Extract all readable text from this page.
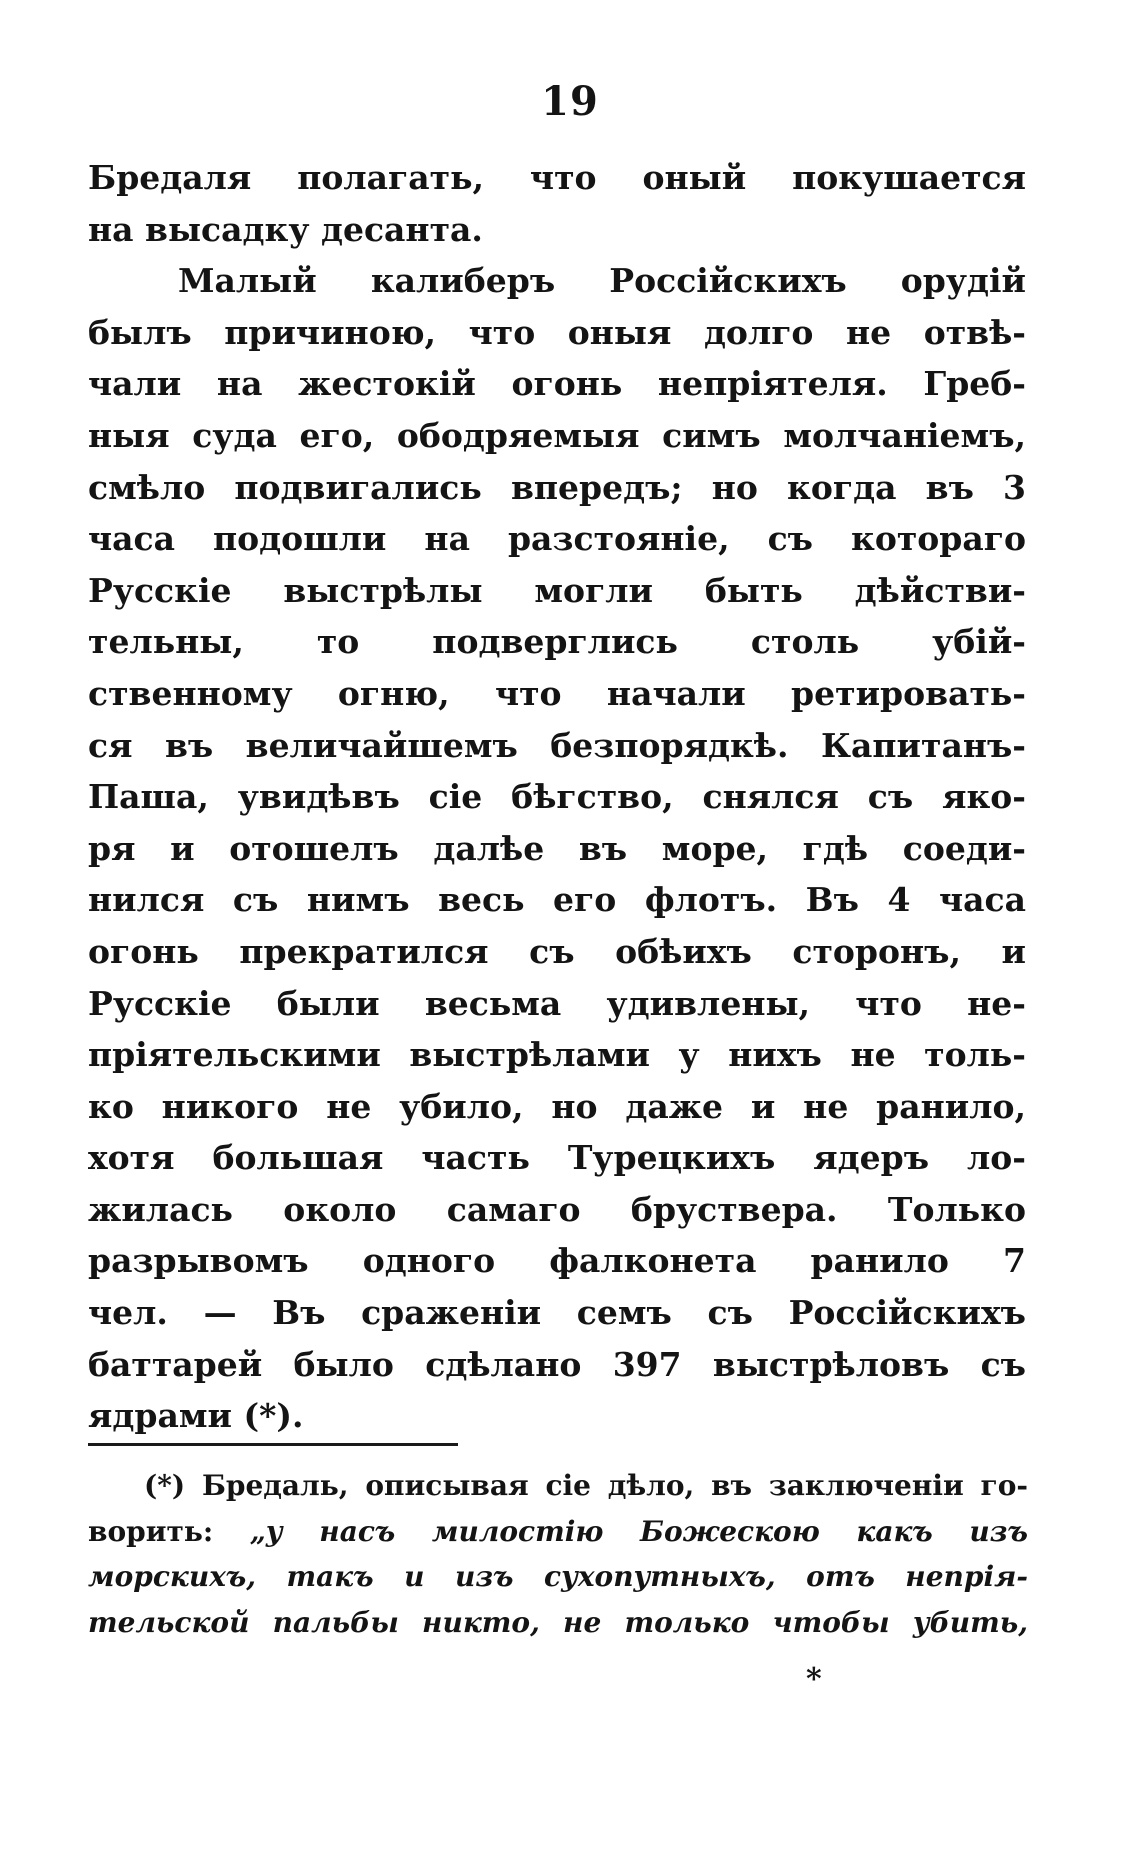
19
Бредаля полагать, что оный покушается
на высадку десанта.
Малый калиберъ Россійскихъ орудій
былъ причиною, что оныя долго не отвѣ-
чали на жестокій огонь непріятеля. Греб-
ныя суда его, ободряемыя симъ молчаніемъ,
смѣло подвигались впередъ; но когда въ 3
часа подошли на разстояніе, съ котораго
Русскіе выстрѣлы могли быть дѣйстви-
тельны, то подверглись столь убій-
ственному огню, что начали ретировать-
ся въ величайшемъ безпорядкѣ. Капитанъ-
Паша, увидѣвъ сіе бѣгство, снялся съ яко-
ря и отошелъ далѣе въ море, гдѣ соеди-
нился съ нимъ весь его флотъ. Въ 4 часа
огонь прекратился съ обѣихъ сторонъ, и
Русскіе были весьма удивлены, что не-
пріятельскими выстрѣлами у нихъ не толь-
ко никого не убило, но даже и не ранило,
хотя большая часть Турецкихъ ядеръ ло-
жилась около самаго бруствера. Только
разрывомъ одного фалконета ранило 7
чел. — Въ сраженіи семъ съ Россійскихъ
баттарей было сдѣлано 397 выстрѣловъ съ
ядрами (*).
(*) Бредаль, описывая сіе дѣло, въ заключеніи го-
ворить: „у насъ милостію Божескою какъ изъ
морскихъ, такъ и изъ сухопутныхъ, отъ непрія-
тельской пальбы никто, не только чтобы убить,
*
